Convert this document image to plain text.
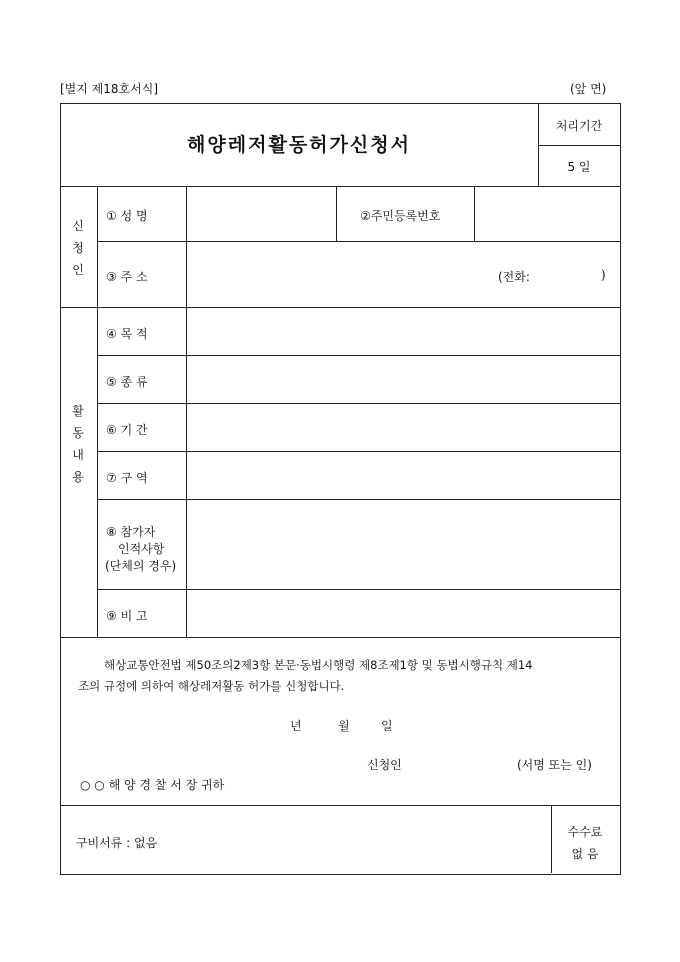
[별지 제18호서식]	(앞 면)
해양레저활동허가신청서
처리기간
5 일
신청인
① 성 명	②주민등록번호
③ 주 소	(전화:	)
활동내용
④ 목 적
⑤ 종 류
⑥ 기 간
⑦ 구 역
⑧ 참가자
인적사항
(단체의 경우)
⑨ 비 고
해상교통안전법 제50조의2제3항 본문·동법시행령 제8조제1항 및 동법시행규칙 제14
조의 규정에 의하여 해상레저활동 허가를 신청합니다.
년	월	일
신청인	(서명 또는 인)
○ ○ 해 양 경 찰 서 장 귀하
구비서류 : 없음
수수료
없 음
